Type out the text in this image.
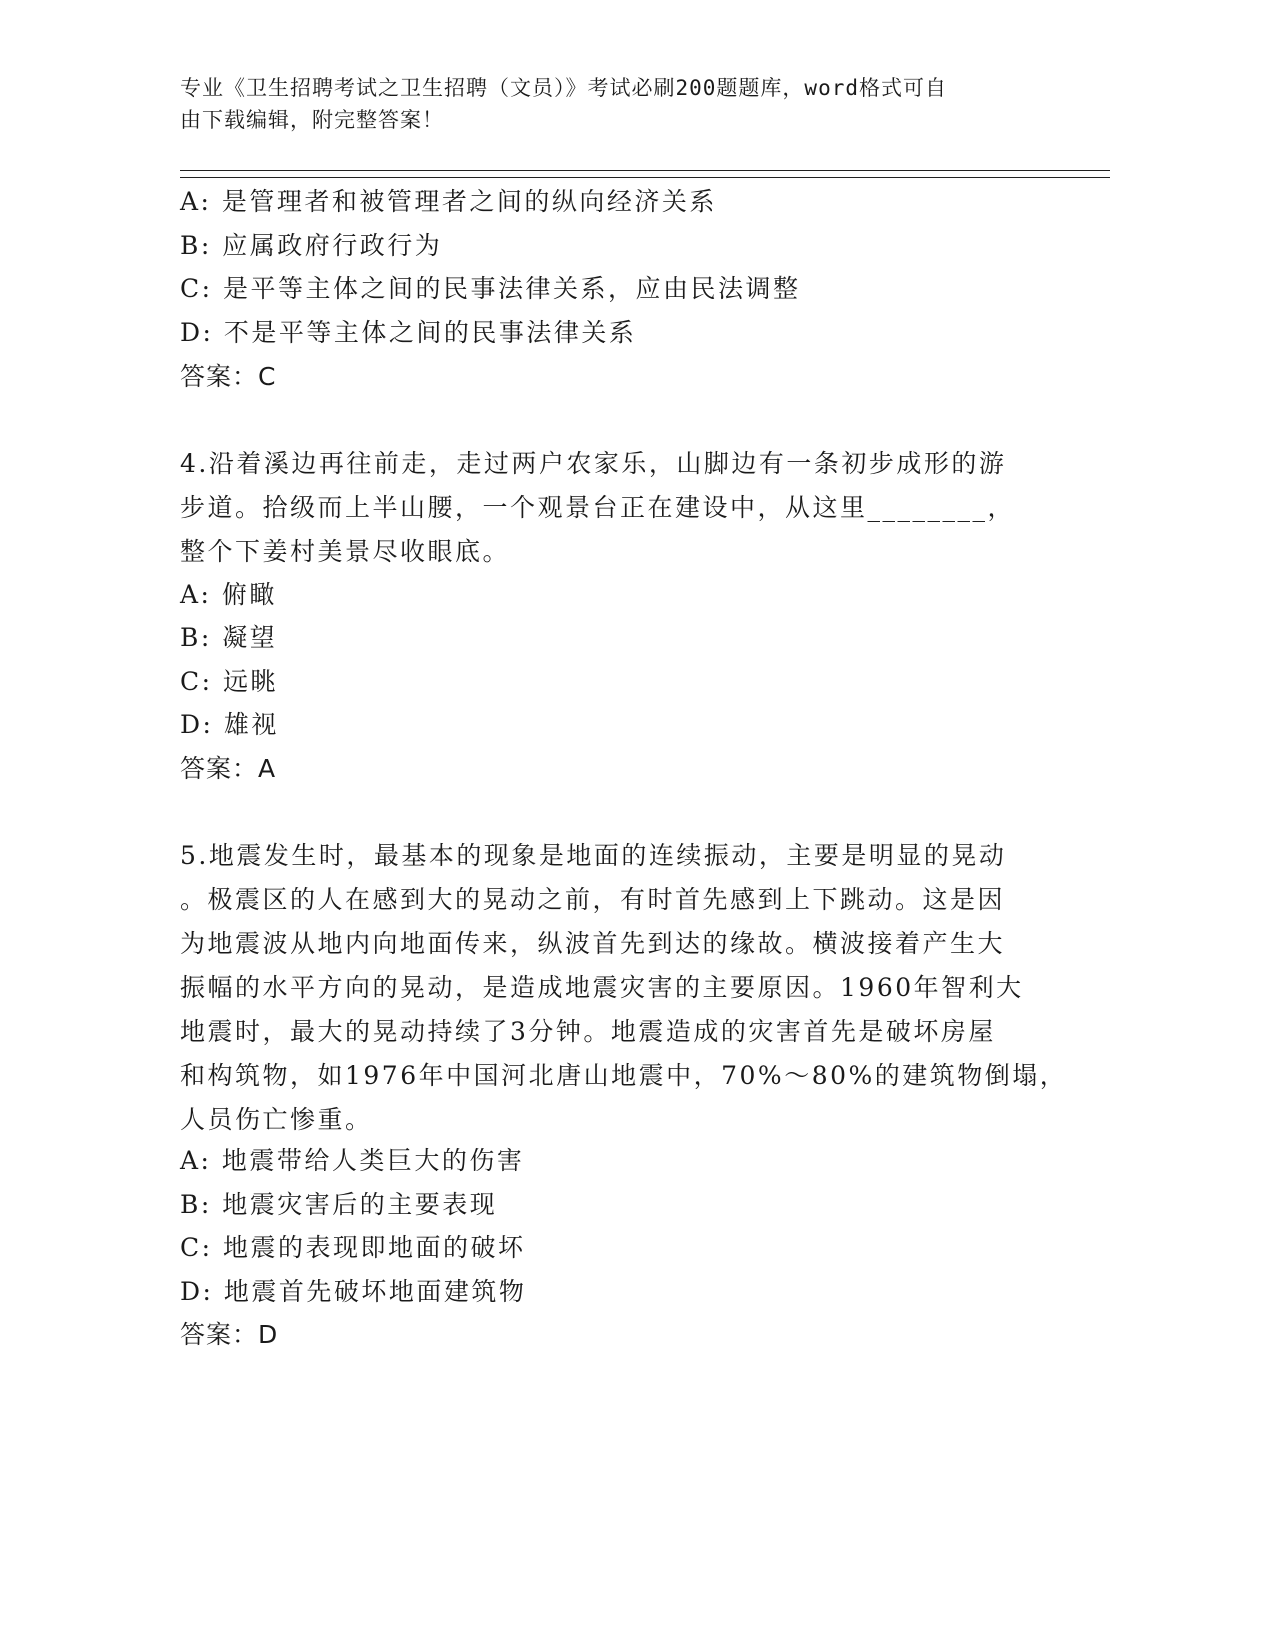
专业《卫生招聘考试之卫生招聘（文员）》考试必刷200题题库，word格式可自
由下载编辑，附完整答案！
A: 是管理者和被管理者之间的纵向经济关系
B: 应属政府行政行为
C: 是平等主体之间的民事法律关系，应由民法调整
D: 不是平等主体之间的民事法律关系
答案：C
4.沿着溪边再往前走，走过两户农家乐，山脚边有一条初步成形的游
步道。拾级而上半山腰，一个观景台正在建设中，从这里________，
整个下姜村美景尽收眼底。
A: 俯瞰
B: 凝望
C: 远眺
D: 雄视
答案：A
5.地震发生时，最基本的现象是地面的连续振动，主要是明显的晃动
。极震区的人在感到大的晃动之前，有时首先感到上下跳动。这是因
为地震波从地内向地面传来，纵波首先到达的缘故。横波接着产生大
振幅的水平方向的晃动，是造成地震灾害的主要原因。1960年智利大
地震时，最大的晃动持续了3分钟。地震造成的灾害首先是破坏房屋
和构筑物，如1976年中国河北唐山地震中，70%～80%的建筑物倒塌，
人员伤亡惨重。
A: 地震带给人类巨大的伤害
B: 地震灾害后的主要表现
C: 地震的表现即地面的破坏
D: 地震首先破坏地面建筑物
答案：D
